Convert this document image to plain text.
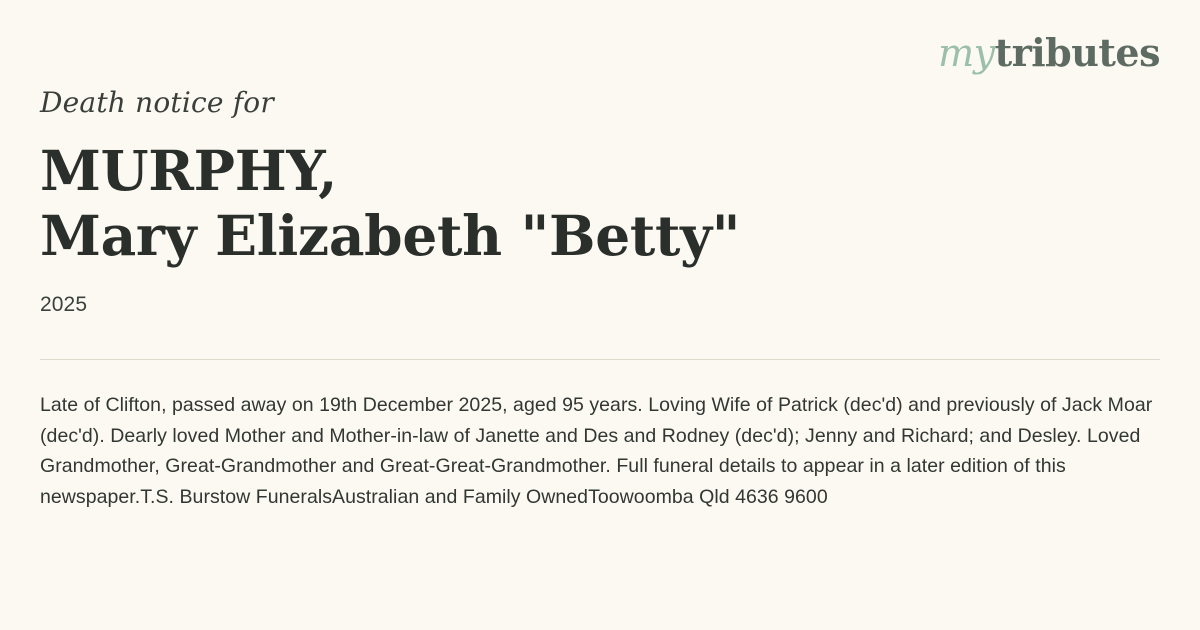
mytributes
Death notice for
MURPHY,
Mary Elizabeth "Betty"
2025

Late of Clifton, passed away on 19th December 2025, aged 95 years. Loving Wife of Patrick (dec'd) and previously of Jack Moar (dec'd). Dearly loved Mother and Mother-in-law of Janette and Des and Rodney (dec'd); Jenny and Richard; and Desley. Loved Grandmother, Great-Grandmother and Great-Great-Grandmother. Full funeral details to appear in a later edition of this newspaper.T.S. Burstow FuneralsAustralian and Family OwnedToowoomba Qld 4636 9600
